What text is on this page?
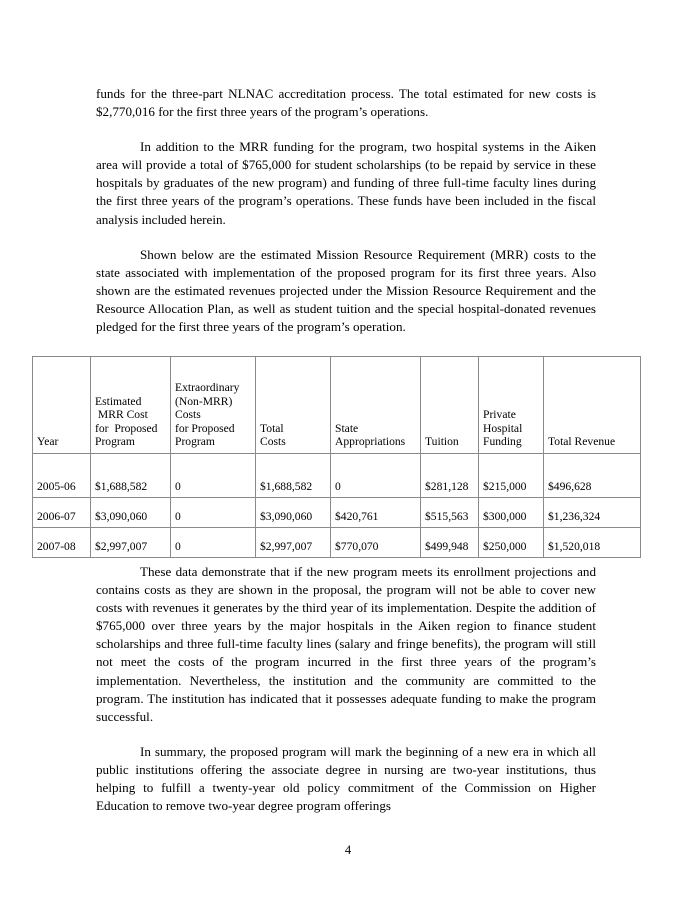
funds for the three-part NLNAC accreditation process. The total estimated for new costs is $2,770,016 for the first three years of the program’s operations.

In addition to the MRR funding for the program, two hospital systems in the Aiken area will provide a total of $765,000 for student scholarships (to be repaid by service in these hospitals by graduates of the new program) and funding of three full-time faculty lines during the first three years of the program’s operations. These funds have been included in the fiscal analysis included herein.

Shown below are the estimated Mission Resource Requirement (MRR) costs to the state associated with implementation of the proposed program for its first three years. Also shown are the estimated revenues projected under the Mission Resource Requirement and the Resource Allocation Plan, as well as student tuition and the special hospital-donated revenues pledged for the first three years of the program’s operation.

Year	Estimated
MRR Cost
for  Proposed
Program	Extraordinary
(Non-MRR)
Costs
for Proposed
Program	Total
Costs	State
Appropriations	Tuition	Private
Hospital
Funding	Total Revenue

2005-06	$1,688,582	0	$1,688,582	0	$281,128	$215,000	$496,628
2006-07	$3,090,060	0	$3,090,060	$420,761	$515,563	$300,000	$1,236,324
2007-08	$2,997,007	0	$2,997,007	$770,070	$499,948	$250,000	$1,520,018

These data demonstrate that if the new program meets its enrollment projections and contains costs as they are shown in the proposal, the program will not be able to cover new costs with revenues it generates by the third year of its implementation. Despite the addition of $765,000 over three years by the major hospitals in the Aiken region to finance student scholarships and three full-time faculty lines (salary and fringe benefits), the program will still not meet the costs of the program incurred in the first three years of the program’s implementation. Nevertheless, the institution and the community are committed to the program. The institution has indicated that it possesses adequate funding to make the program successful.

In summary, the proposed program will mark the beginning of a new era in which all public institutions offering the associate degree in nursing are two-year institutions, thus helping to fulfill a twenty-year old policy commitment of the Commission on Higher Education to remove two-year degree program offerings

4
